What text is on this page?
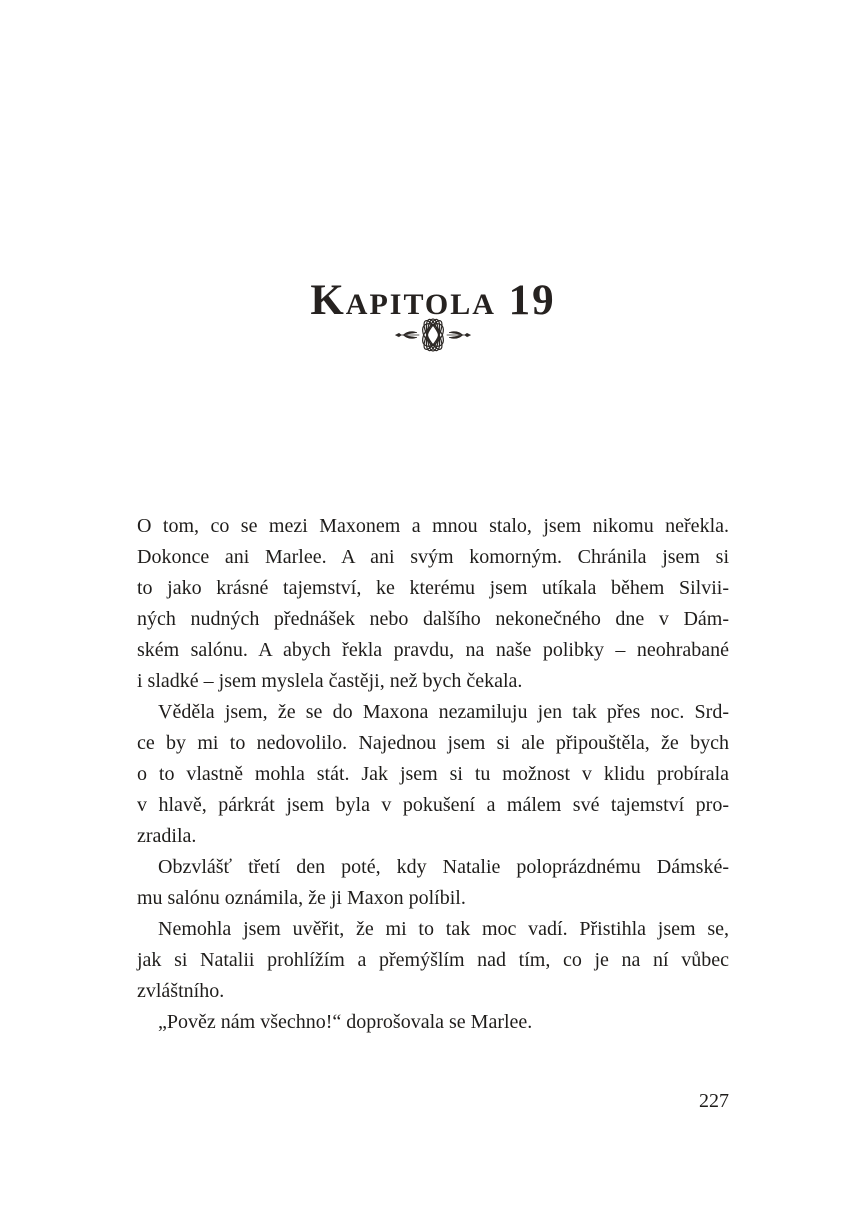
Kapitola 19

O tom, co se mezi Maxonem a mnou stalo, jsem nikomu neřekla.
Dokonce ani Marlee. A ani svým komorným. Chránila jsem si
to jako krásné tajemství, ke kterému jsem utíkala během Silvii-
ných nudných přednášek nebo dalšího nekonečného dne v Dám-
ském salónu. A abych řekla pravdu, na naše polibky – neohrabané
i sladké – jsem myslela častěji, než bych čekala.

Věděla jsem, že se do Maxona nezamiluju jen tak přes noc. Srd-
ce by mi to nedovolilo. Najednou jsem si ale připouštěla, že bych
o to vlastně mohla stát. Jak jsem si tu možnost v klidu probírala
v hlavě, párkrát jsem byla v pokušení a málem své tajemství pro-
zradila.

Obzvlášť třetí den poté, kdy Natalie poloprázdnému Dámské-
mu salónu oznámila, že ji Maxon políbil.

Nemohla jsem uvěřit, že mi to tak moc vadí. Přistihla jsem se,
jak si Natalii prohlížím a přemýšlím nad tím, co je na ní vůbec
zvláštního.

„Pověz nám všechno!“ doprošovala se Marlee.

227
